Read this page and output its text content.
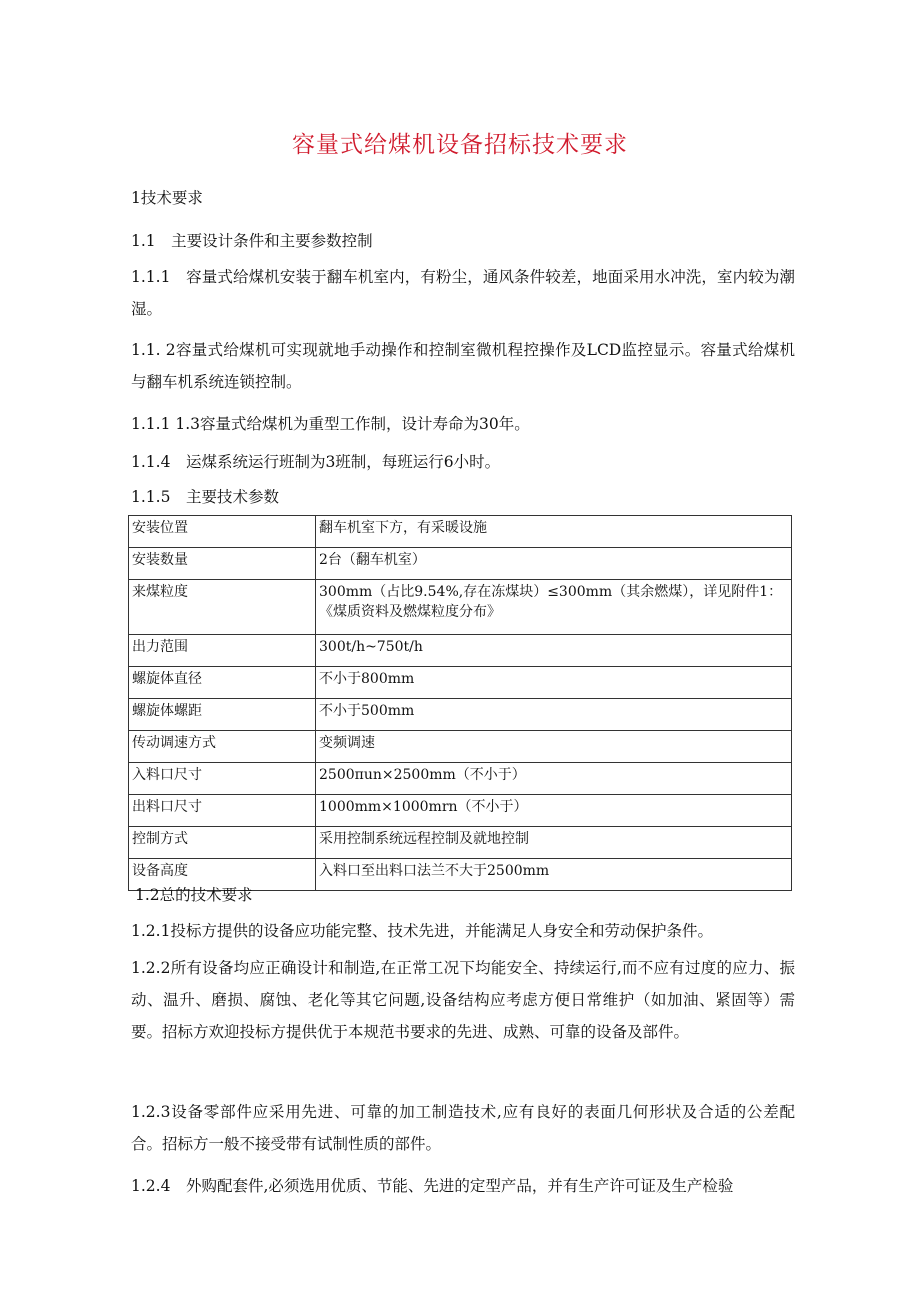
容量式给煤机设备招标技术要求
1技术要求
1.1　主要设计条件和主要参数控制
1.1.1　容量式给煤机安装于翻车机室内，有粉尘，通风条件较差，地面采用水冲洗，室内较为潮湿。
1.1. 2容量式给煤机可实现就地手动操作和控制室微机程控操作及LCD监控显示。容量式给煤机与翻车机系统连锁控制。
1.1.1 1.3容量式给煤机为重型工作制，设计寿命为30年。
1.1.4　运煤系统运行班制为3班制，每班运行6小时。
1.1.5　主要技术参数
安装位置	翻车机室下方，有采暖设施
安装数量	2台（翻车机室）
来煤粒度	300mm（占比9.54%,存在冻煤块）≤300mm（其余燃煤），详见附件1：《煤质资料及燃煤粒度分布》
出力范围	300t/h~750t/h
螺旋体直径	不小于800mm
螺旋体螺距	不小于500mm
传动调速方式	变频调速
入料口尺寸	2500πun×2500mm（不小于）
出料口尺寸	1000mm×1000mrn（不小于）
控制方式	采用控制系统远程控制及就地控制
设备高度	入料口至出料口法兰不大于2500mm
1.2总的技术要求
1.2.1投标方提供的设备应功能完整、技术先进，并能满足人身安全和劳动保护条件。
1.2.2所有设备均应正确设计和制造,在正常工况下均能安全、持续运行,而不应有过度的应力、振动、温升、磨损、腐蚀、老化等其它问题,设备结构应考虑方便日常维护（如加油、紧固等）需要。招标方欢迎投标方提供优于本规范书要求的先进、成熟、可靠的设备及部件。
1.2.3设备零部件应采用先进、可靠的加工制造技术,应有良好的表面几何形状及合适的公差配合。招标方一般不接受带有试制性质的部件。
1.2.4　外购配套件,必须选用优质、节能、先进的定型产品，并有生产许可证及生产检验
